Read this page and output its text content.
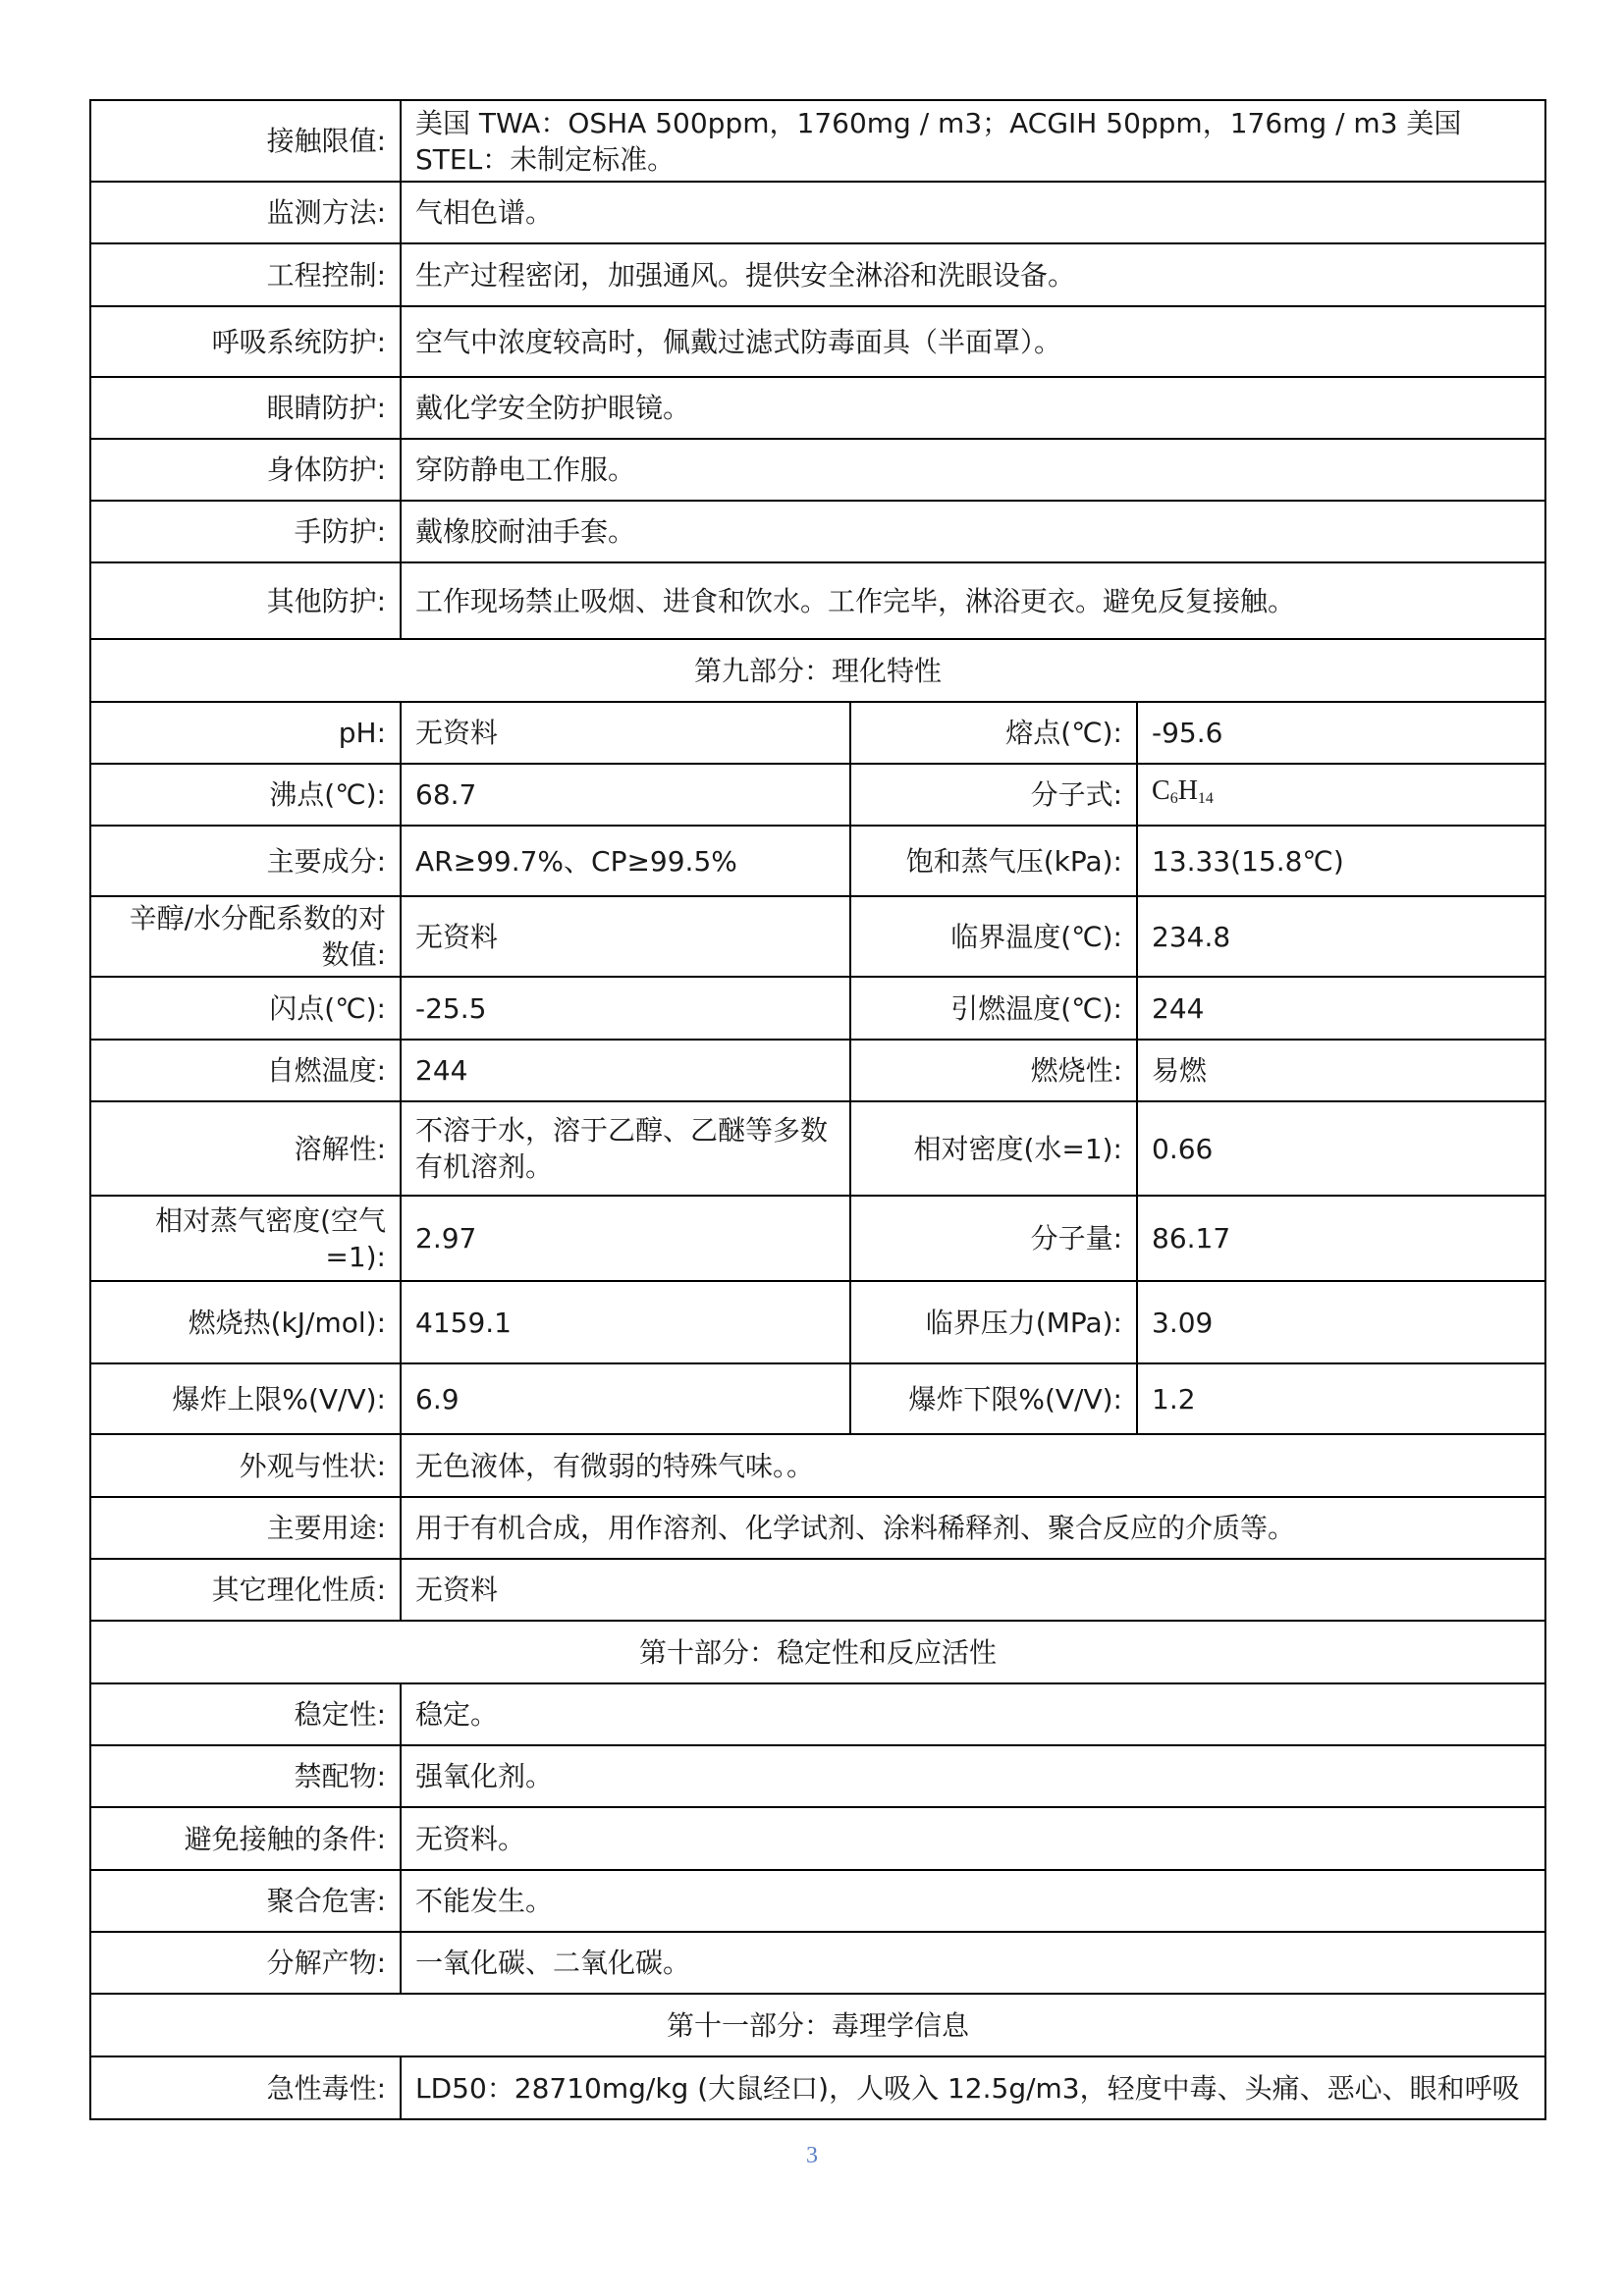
接触限值:	美国 TWA：OSHA 500ppm，1760mg / m3；ACGIH 50ppm，176mg / m3 美国 STEL：未制定标准。		
监测方法:	气相色谱。		
工程控制:	生产过程密闭，加强通风。提供安全淋浴和洗眼设备。		
呼吸系统防护:	空气中浓度较高时，佩戴过滤式防毒面具（半面罩）。		
眼睛防护:	戴化学安全防护眼镜。		
身体防护:	穿防静电工作服。		
手防护:	戴橡胶耐油手套。		
其他防护:	工作现场禁止吸烟、进食和饮水。工作完毕，淋浴更衣。避免反复接触。		
第九部分：理化特性			
pH:	无资料	熔点(℃):	-95.6
沸点(℃):	68.7	分子式:	$C_6H_{14}$
主要成分:	AR≥99.7%、CP≥99.5%	饱和蒸气压(kPa):	13.33(15.8℃)
辛醇/水分配系数的对数值:	无资料	临界温度(℃):	234.8
闪点(℃):	-25.5	引燃温度(℃):	244
自燃温度:	244	燃烧性:	易燃
溶解性:	不溶于水，溶于乙醇、乙醚等多数有机溶剂。	相对密度(水=1):	0.66
相对蒸气密度(空气=1):	2.97	分子量:	86.17
燃烧热(kJ/mol):	4159.1	临界压力(MPa):	3.09
爆炸上限%(V/V):	6.9	爆炸下限%(V/V):	1.2
外观与性状:	无色液体，有微弱的特殊气味。。		
主要用途:	用于有机合成，用作溶剂、化学试剂、涂料稀释剂、聚合反应的介质等。		
其它理化性质:	无资料		
第十部分：稳定性和反应活性			
稳定性:	稳定。		
禁配物:	强氧化剂。		
避免接触的条件:	无资料。		
聚合危害:	不能发生。		
分解产物:	一氧化碳、二氧化碳。		
第十一部分：毒理学信息			
急性毒性:	LD50：28710mg/kg (大鼠经口)，人吸入 12.5g/m3，轻度中毒、头痛、恶心、眼和呼吸		
3
